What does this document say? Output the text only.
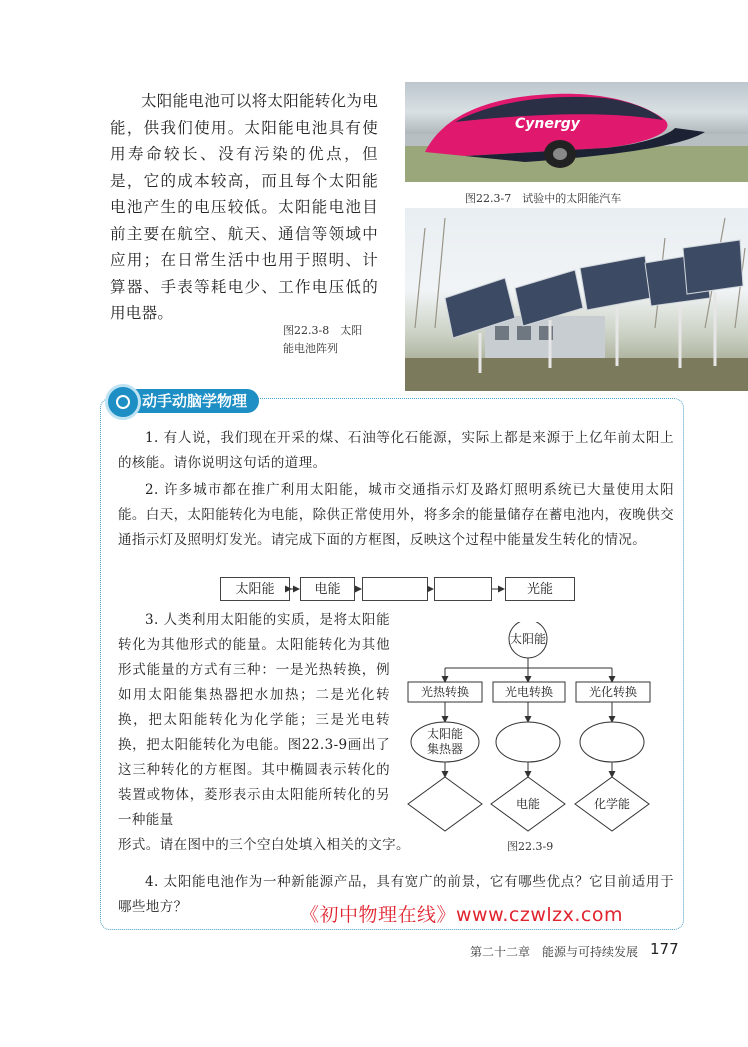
太阳能电池可以将太阳能转化为电能，供我们使用。太阳能电池具有使用寿命较长、没有污染的优点，但是，它的成本较高，而且每个太阳能电池产生的电压较低。太阳能电池目前主要在航空、航天、通信等领域中应用；在日常生活中也用于照明、计算器、手表等耗电少、工作电压低的用电器。

Cynergy
图22.3-7　试验中的太阳能汽车
图22.3-8　太阳
能电池阵列
动手动脑学物理
1. 有人说，我们现在开采的煤、石油等化石能源，实际上都是来源于上亿年前太阳上的核能。请你说明这句话的道理。
2. 许多城市都在推广利用太阳能，城市交通指示灯及路灯照明系统已大量使用太阳能。白天，太阳能转化为电能，除供正常使用外，将多余的能量储存在蓄电池内，夜晚供交通指示灯及照明灯发光。请完成下面的方框图，反映这个过程中能量发生转化的情况。
太阳能	电能	光能
3. 人类利用太阳能的实质，是将太阳能转化为其他形式的能量。太阳能转化为其他形式能量的方式有三种：一是光热转换，例如用太阳能集热器把水加热；二是光化转换，把太阳能转化为化学能；三是光电转换，把太阳能转化为电能。图22.3-9画出了这三种转化的方框图。其中椭圆表示转化的装置或物体，菱形表示由太阳能所转化的另一种能量
形式。请在图中的三个空白处填入相关的文字。
太阳能
光热转换	光电转换	光化转换
太阳能
集热器
电能	化学能
图22.3-9
4. 太阳能电池作为一种新能源产品，具有宽广的前景，它有哪些优点？它目前适用于哪些地方？	《初中物理在线》www.czwlzx.com
第二十二章　能源与可持续发展 177
